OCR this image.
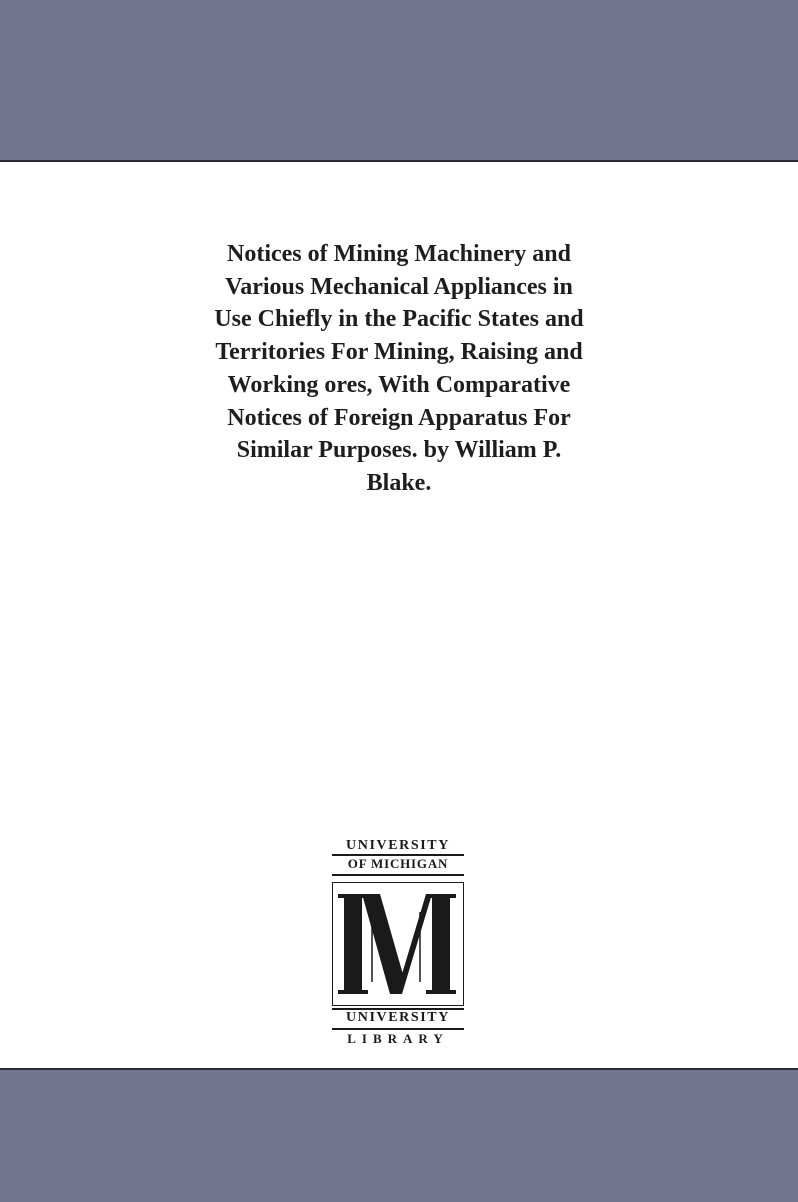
Notices of Mining Machinery and
Various Mechanical Appliances in
Use Chiefly in the Pacific States and
Territories For Mining, Raising and
Working ores, With Comparative
Notices of Foreign Apparatus For
Similar Purposes. by William P.
Blake.
UNIVERSITY
OF MICHIGAN
UNIVERSITY
LIBRARY
